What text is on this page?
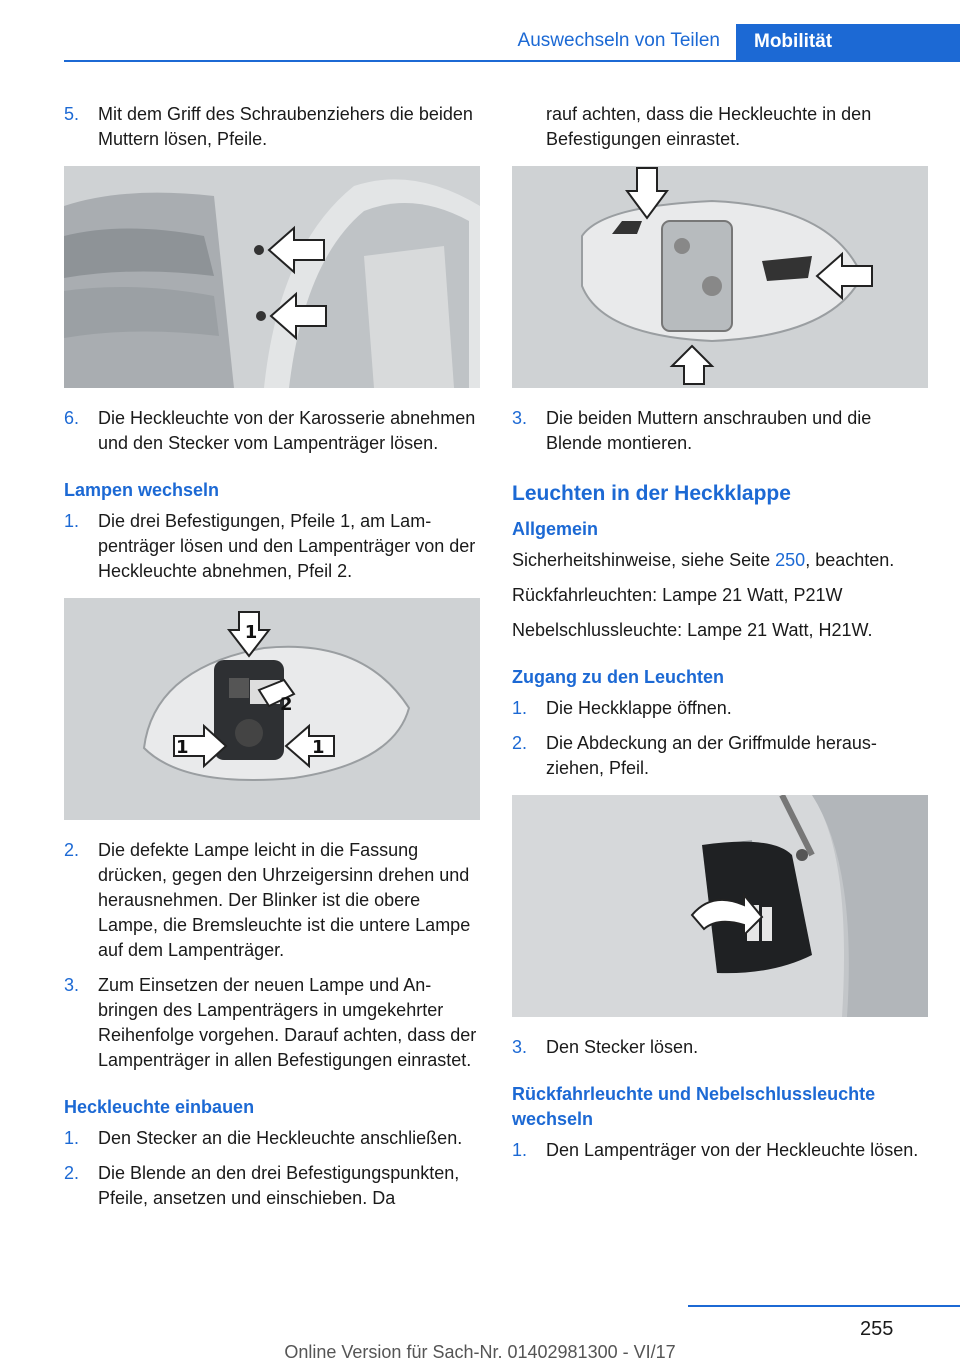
Auswechseln von Teilen Mobilität
5. Mit dem Griff des Schraubenziehers die beiden Muttern lösen, Pfeile.
6. Die Heckleuchte von der Karosserie abnehmen und den Stecker vom Lampenträger lösen.
Lampen wechseln
1. Die drei Befestigungen, Pfeile 1, am Lampenträger lösen und den Lampenträger von der Heckleuchte abnehmen, Pfeil 2.
1
2
1	1
2. Die defekte Lampe leicht in die Fassung drücken, gegen den Uhrzeigersinn drehen und herausnehmen. Der Blinker ist die obere Lampe, die Bremsleuchte ist die untere Lampe auf dem Lampenträger.
3. Zum Einsetzen der neuen Lampe und Anbringen des Lampenträgers in umgekehrter Reihenfolge vorgehen. Darauf achten, dass der Lampenträger in allen Befestigungen einrastet.
Heckleuchte einbauen
1. Den Stecker an die Heckleuchte anschließen.
2. Die Blende an den drei Befestigungspunkten, Pfeile, ansetzen und einschieben. Da
rauf achten, dass die Heckleuchte in den Befestigungen einrastet.
3. Die beiden Muttern anschrauben und die Blende montieren.
Leuchten in der Heckklappe
Allgemein
Sicherheitshinweise, siehe Seite 250, beachten.
Rückfahrleuchten: Lampe 21 Watt, P21W
Nebelschlussleuchte: Lampe 21 Watt, H21W.
Zugang zu den Leuchten
1. Die Heckklappe öffnen.
2. Die Abdeckung an der Griffmulde herausziehen, Pfeil.
3. Den Stecker lösen.
Rückfahrleuchte und Nebelschlussleuchte wechseln
1. Den Lampenträger von der Heckleuchte lösen.
255
Online Version für Sach-Nr. 01402981300 - VI/17
